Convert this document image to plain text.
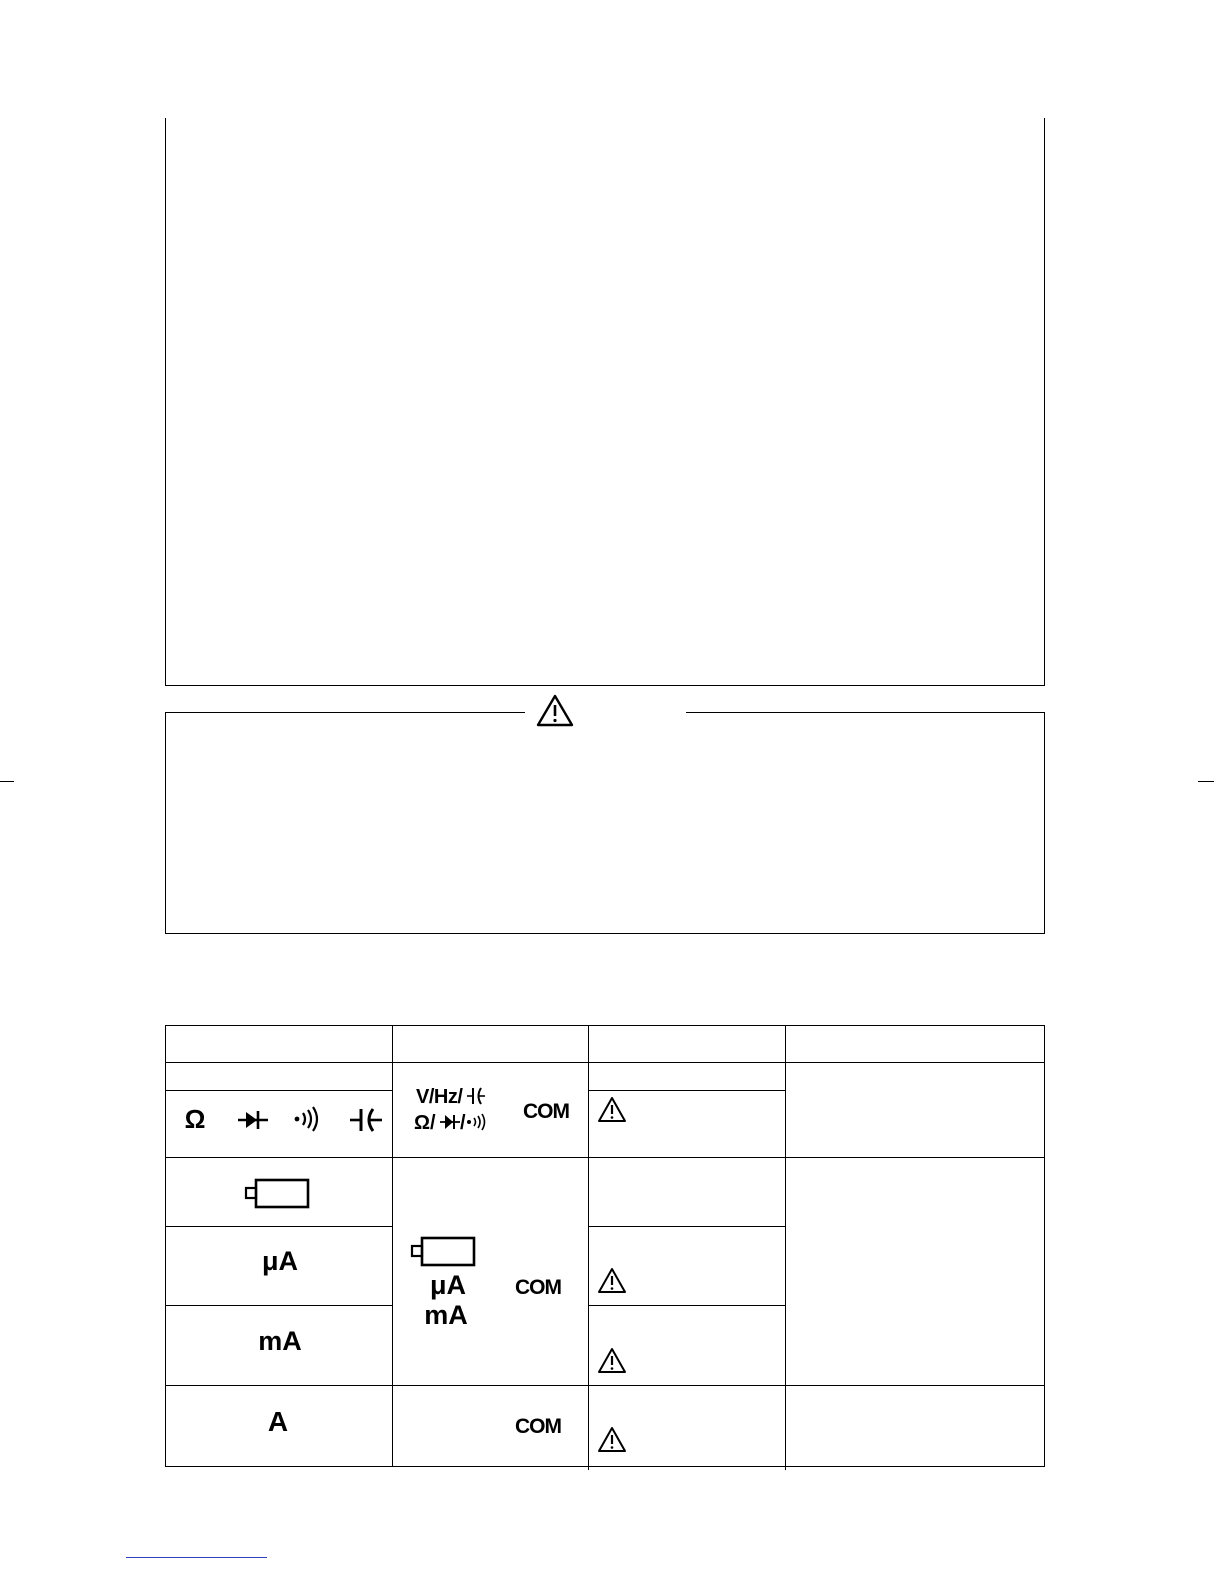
Ω
V/Hz/
Ω/ /	COM
μA
mA
μA
mA
COM
A	COM
